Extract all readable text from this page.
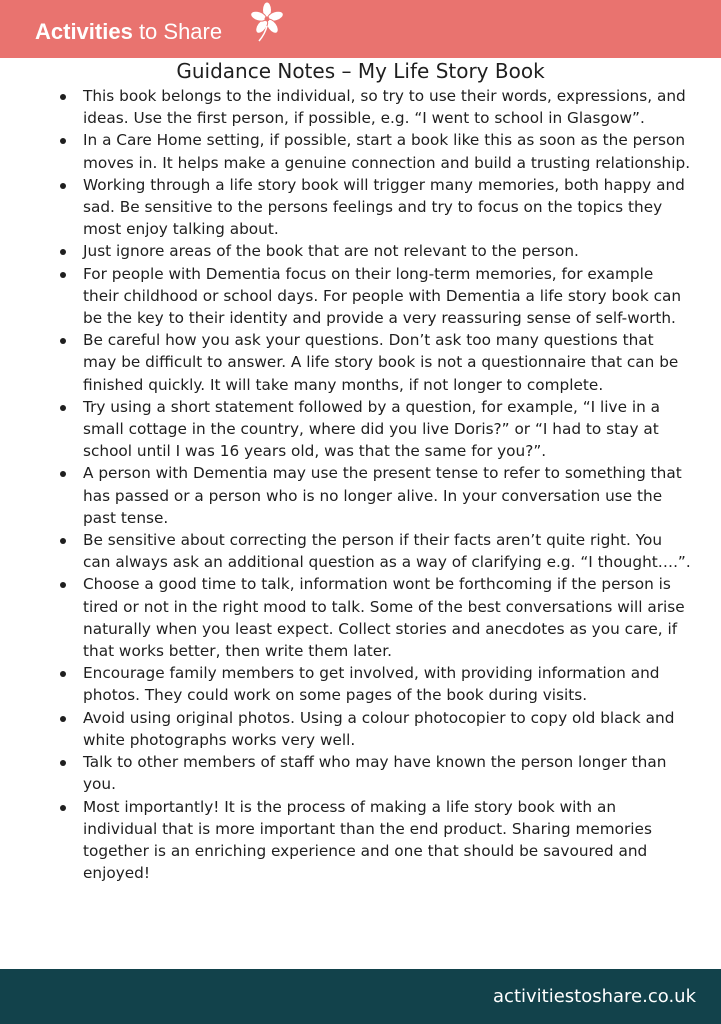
Activities to Share
Guidance Notes – My Life Story Book
This book belongs to the individual, so try to use their words, expressions, and ideas. Use the first person, if possible, e.g. “I went to school in Glasgow”.
In a Care Home setting, if possible, start a book like this as soon as the person moves in. It helps make a genuine connection and build a trusting relationship.
Working through a life story book will trigger many memories, both happy and sad. Be sensitive to the persons feelings and try to focus on the topics they most enjoy talking about.
Just ignore areas of the book that are not relevant to the person.
For people with Dementia focus on their long-term memories, for example their childhood or school days. For people with Dementia a life story book can be the key to their identity and provide a very reassuring sense of self-worth.
Be careful how you ask your questions. Don’t ask too many questions that may be difficult to answer. A life story book is not a questionnaire that can be finished quickly. It will take many months, if not longer to complete.
Try using a short statement followed by a question, for example, “I live in a small cottage in the country, where did you live Doris?” or “I had to stay at school until I was 16 years old, was that the same for you?”.
A person with Dementia may use the present tense to refer to something that has passed or a person who is no longer alive. In your conversation use the past tense.
Be sensitive about correcting the person if their facts aren’t quite right. You can always ask an additional question as a way of clarifying e.g. “I thought….”.
Choose a good time to talk, information wont be forthcoming if the person is tired or not in the right mood to talk. Some of the best conversations will arise naturally when you least expect. Collect stories and anecdotes as you care, if that works better, then write them later.
Encourage family members to get involved, with providing information and photos. They could work on some pages of the book during visits.
Avoid using original photos. Using a colour photocopier to copy old black and white photographs works very well.
Talk to other members of staff who may have known the person longer than you.
Most importantly! It is the process of making a life story book with an individual that is more important than the end product. Sharing memories together is an enriching experience and one that should be savoured and enjoyed!
activitiestoshare.co.uk
